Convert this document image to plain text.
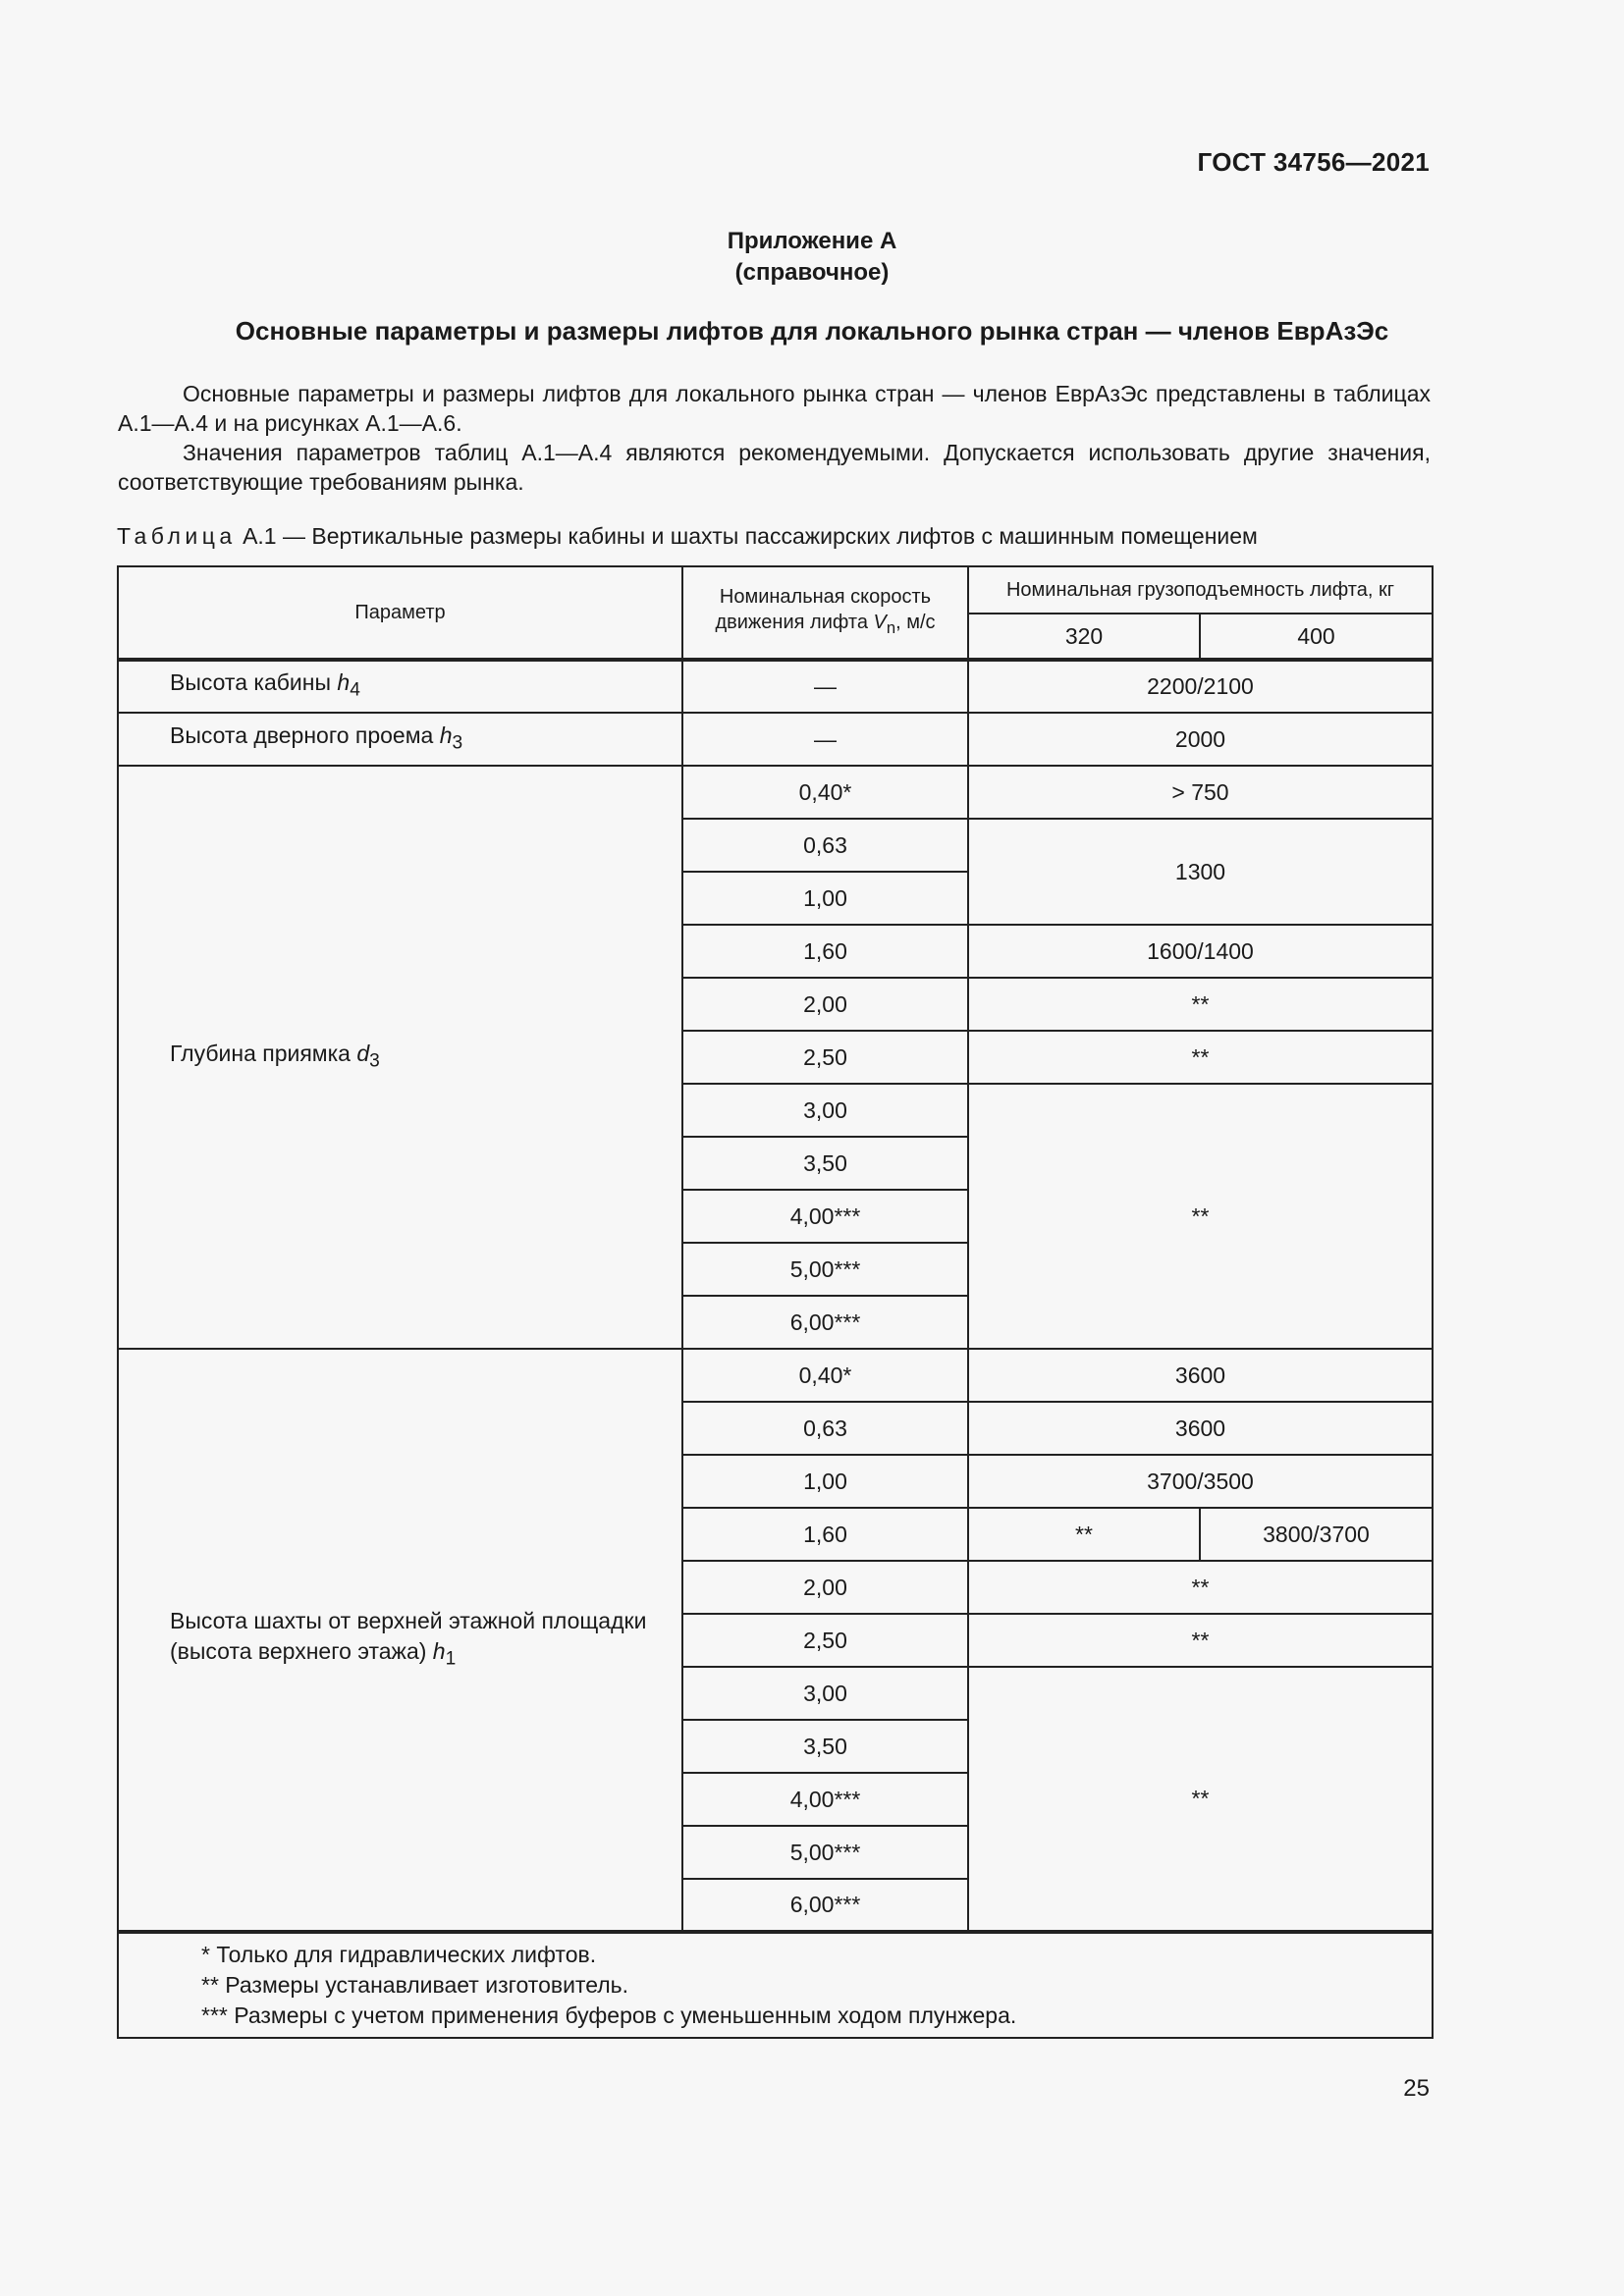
ГОСТ 34756—2021
Приложение А
(справочное)
Основные параметры и размеры лифтов для локального рынка стран — членов ЕврАзЭс

Основные параметры и размеры лифтов для локального рынка стран — членов ЕврАзЭс представлены в таблицах А.1—А.4 и на рисунках А.1—А.6.

Значения параметров таблиц А.1—А.4 являются рекомендуемыми. Допускается использовать другие значения, соответствующие требованиям рынка.

Таблица А.1 — Вертикальные размеры кабины и шахты пассажирских лифтов с машинным помещением
Параметр	Номинальная скорость движения лифта $V_n$, м/с	Номинальная грузоподъемность лифта, кг	
		320	400
Высота кабины $h_4$	—	2200/2100	
Высота дверного проема $h_3$	—	2000	
Глубина приямка $d_3$	0,40*	> 750	
	0,63	1300	
	1,00		
	1,60	1600/1400	
	2,00	**	
	2,50	**	
	3,00	**	
	3,50		
	4,00***		
	5,00***		
	6,00***		
Высота шахты от верхней этажной площадки (высота верхнего этажа) $h_1$	0,40*	3600	
	0,63	3600	
	1,00	3700/3500	
	1,60	**	3800/3700
	2,00	**	
	2,50	**	
	3,00	**	
	3,50		
	4,00***		
	5,00***		
	6,00***		

* Только для гидравлических лифтов.
** Размеры устанавливает изготовитель.
*** Размеры с учетом применения буферов с уменьшенным ходом плунжера.			
25
